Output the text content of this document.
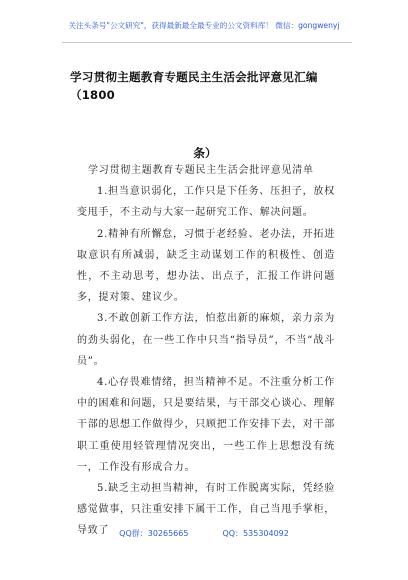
关注头条号"公文研究"，获得最新最全最专业的公文资料库！ 微信：gongwenyj
学习贯彻主题教育专题民主生活会批评意见汇编（1800
条）

学习贯彻主题教育专题民主生活会批评意见清单

1.担当意识弱化，工作只是下任务、压担子，放权变甩手，不主动与大家一起研究工作、解决问题。

2.精神有所懈怠，习惯于老经验、老办法，开拓进取意识有所减弱，缺乏主动谋划工作的积极性、创造性，不主动思考，想办法、出点子，汇报工作讲问题多，提对策、建议少。

3.不敢创新工作方法，怕惹出新的麻烦，亲力亲为的劲头弱化，在一些工作中只当“指导员”，不当“战斗员”。

4.心存畏难情绪，担当精神不足。不注重分析工作中的困难和问题，只是要结果，与干部交心谈心、理解干部的思想工作做得少，只顾把工作安排下去，对干部职工重使用轻管理情况突出，一些工作上思想没有统一，工作没有形成合力。

5.缺乏主动担当精神，有时工作脱离实际，凭经验感觉做事，只注重安排下属干工作，自己当甩手掌柜，导致了	QQ群：30265665	QQ：535304092
